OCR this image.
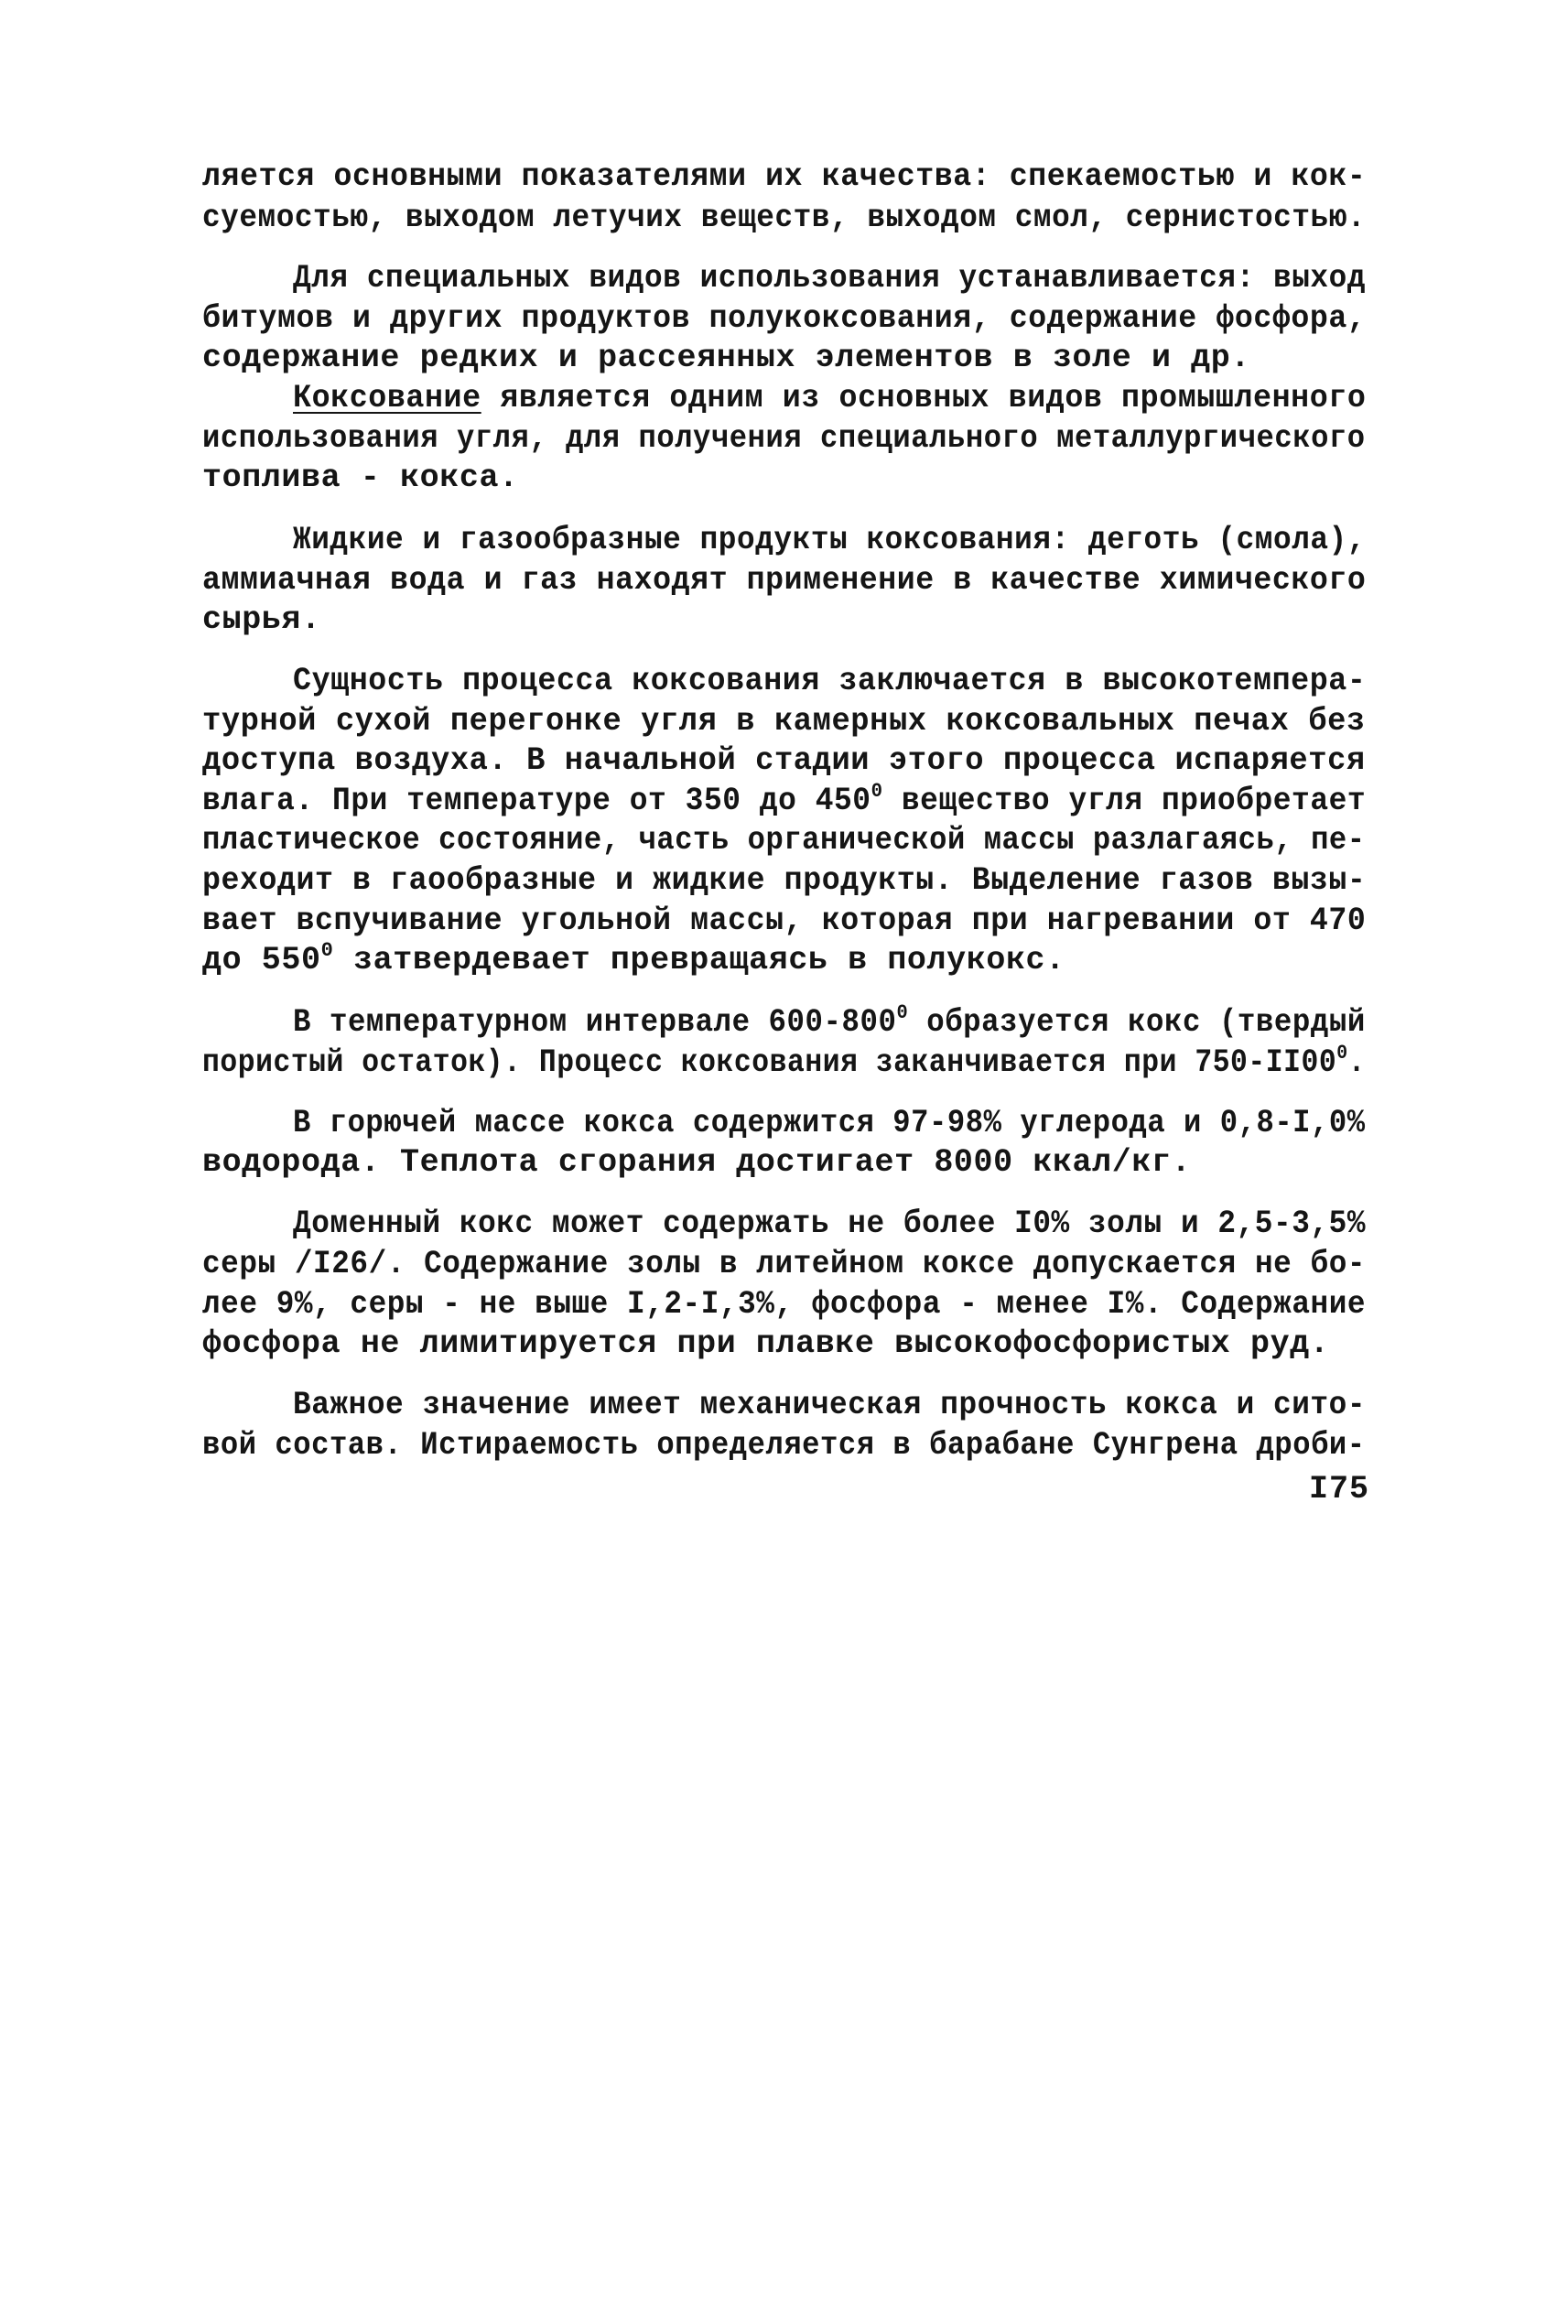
ляется основными показателями их качества: спекаемостью и кок-
суемостью, выходом летучих веществ, выходом смол, сернистостью.
Для специальных видов использования устанавливается: выход
битумов и других продуктов полукоксования, содержание фосфора,
содержание редких и рассеянных элементов в золе и др.
Коксование является одним из основных видов промышленного
использования угля, для получения специального металлургического
топлива - кокса.
Жидкие и газообразные продукты коксования: деготь (смола),
аммиачная вода и газ находят применение в качестве химического
сырья.
Сущность процесса коксования заключается в высокотемпера-
турной сухой перегонке угля в камерных коксовальных печах без
доступа воздуха. В начальной стадии этого процесса испаряется
влага. При температуре от 350 до $450^0$ вещество угля приобретает
пластическое состояние, часть органической массы разлагаясь, пе-
реходит в гаообразные и жидкие продукты. Выделение газов вызы-
вает вспучивание угольной массы, которая при нагревании от 470
до $550^0$ затвердевает превращаясь в полукокс.
В температурном интервале $600-800^0$ образуется кокс (твердый
пористый остаток). Процесс коксования заканчивается при $750-II00^0$.
В горючей массе кокса содержится 97-98% углерода и 0,8-I,0%
водорода. Теплота сгорания достигает 8000 ккал/кг.
Доменный кокс может содержать не более I0% золы и 2,5-3,5%
серы /I26/. Содержание золы в литейном коксе допускается не бо-
лее 9%, серы - не выше I,2-I,3%, фосфора - менее I%. Содержание
фосфора не лимитируется при плавке высокофосфористых руд.
Важное значение имеет механическая прочность кокса и сито-
вой состав. Истираемость определяется в барабане Сунгрена дроби-
I75
